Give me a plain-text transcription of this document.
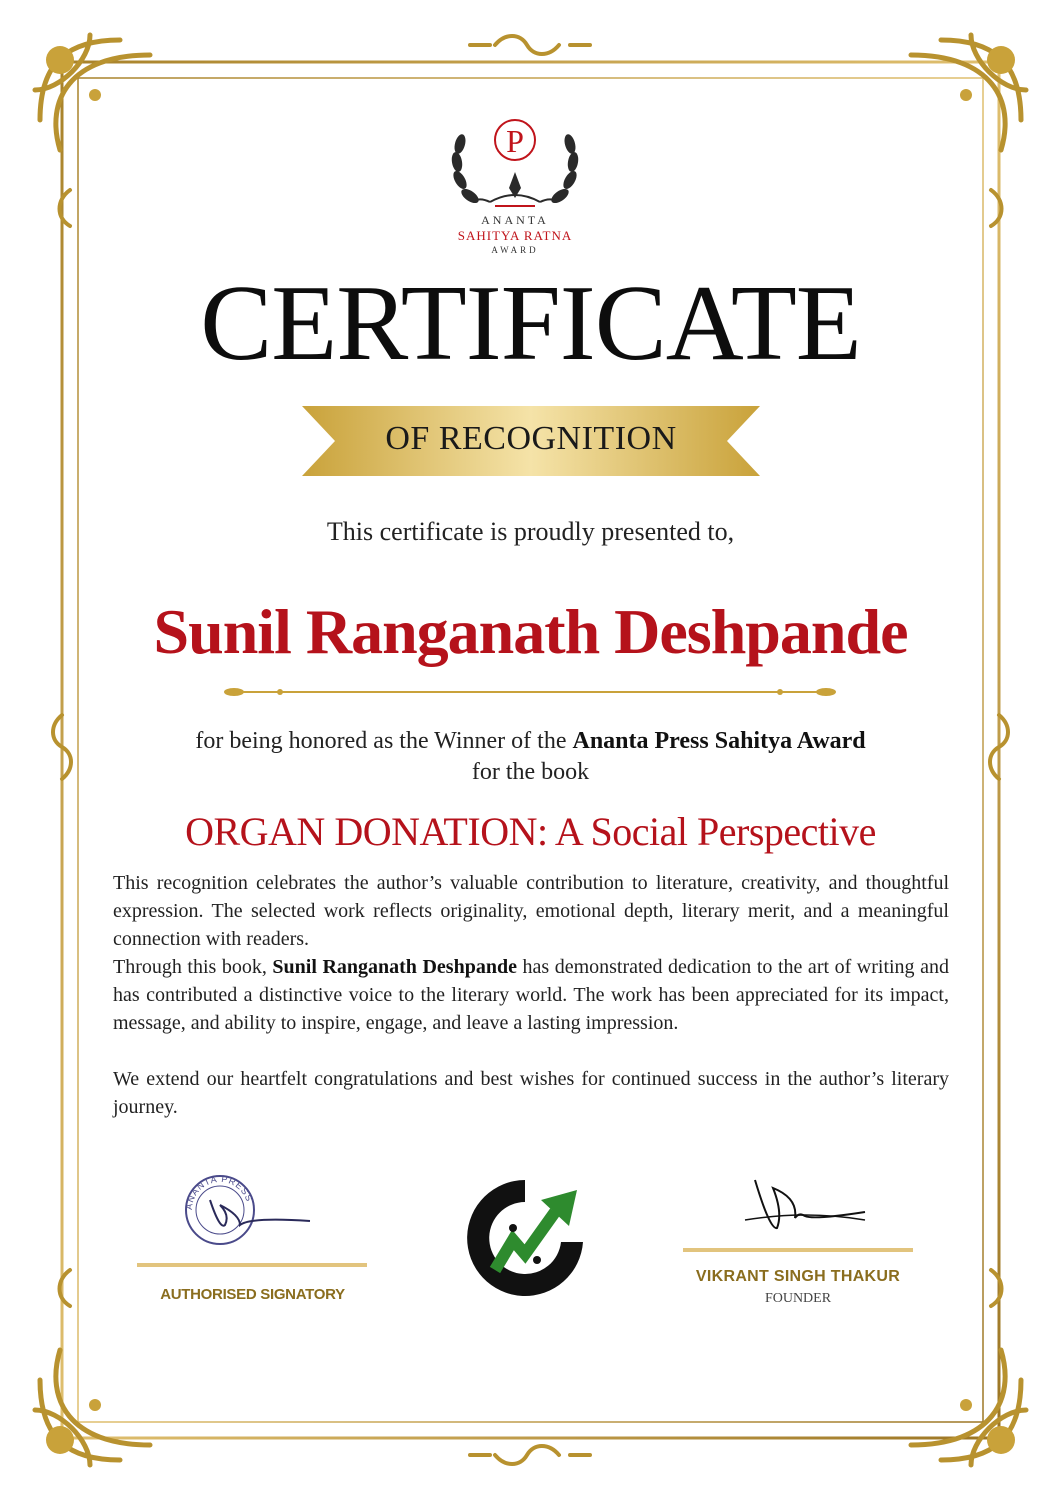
P
ANANTA
SAHITYA RATNA
AWARD
CERTIFICATE
OF RECOGNITION
This certificate is proudly presented to,
Sunil Ranganath Deshpande
for being honored as the Winner of the Ananta Press Sahitya Award
for the book
ORGAN DONATION: A Social Perspective

This recognition celebrates the author’s valuable contribution to literature, creativity, and thoughtful expression. The selected work reflects originality, emotional depth, literary merit, and a meaningful connection with readers.

Through this book, Sunil Ranganath Deshpande has demonstrated dedication to the art of writing and has contributed a distinctive voice to the literary world. The work has been appreciated for its impact, message, and ability to inspire, engage, and leave a lasting impression.

We extend our heartfelt congratulations and best wishes for continued success in the author’s literary journey.

ANANTA PRESS
AUTHORISED SIGNATORY
VIKRANT SINGH THAKUR
FOUNDER
